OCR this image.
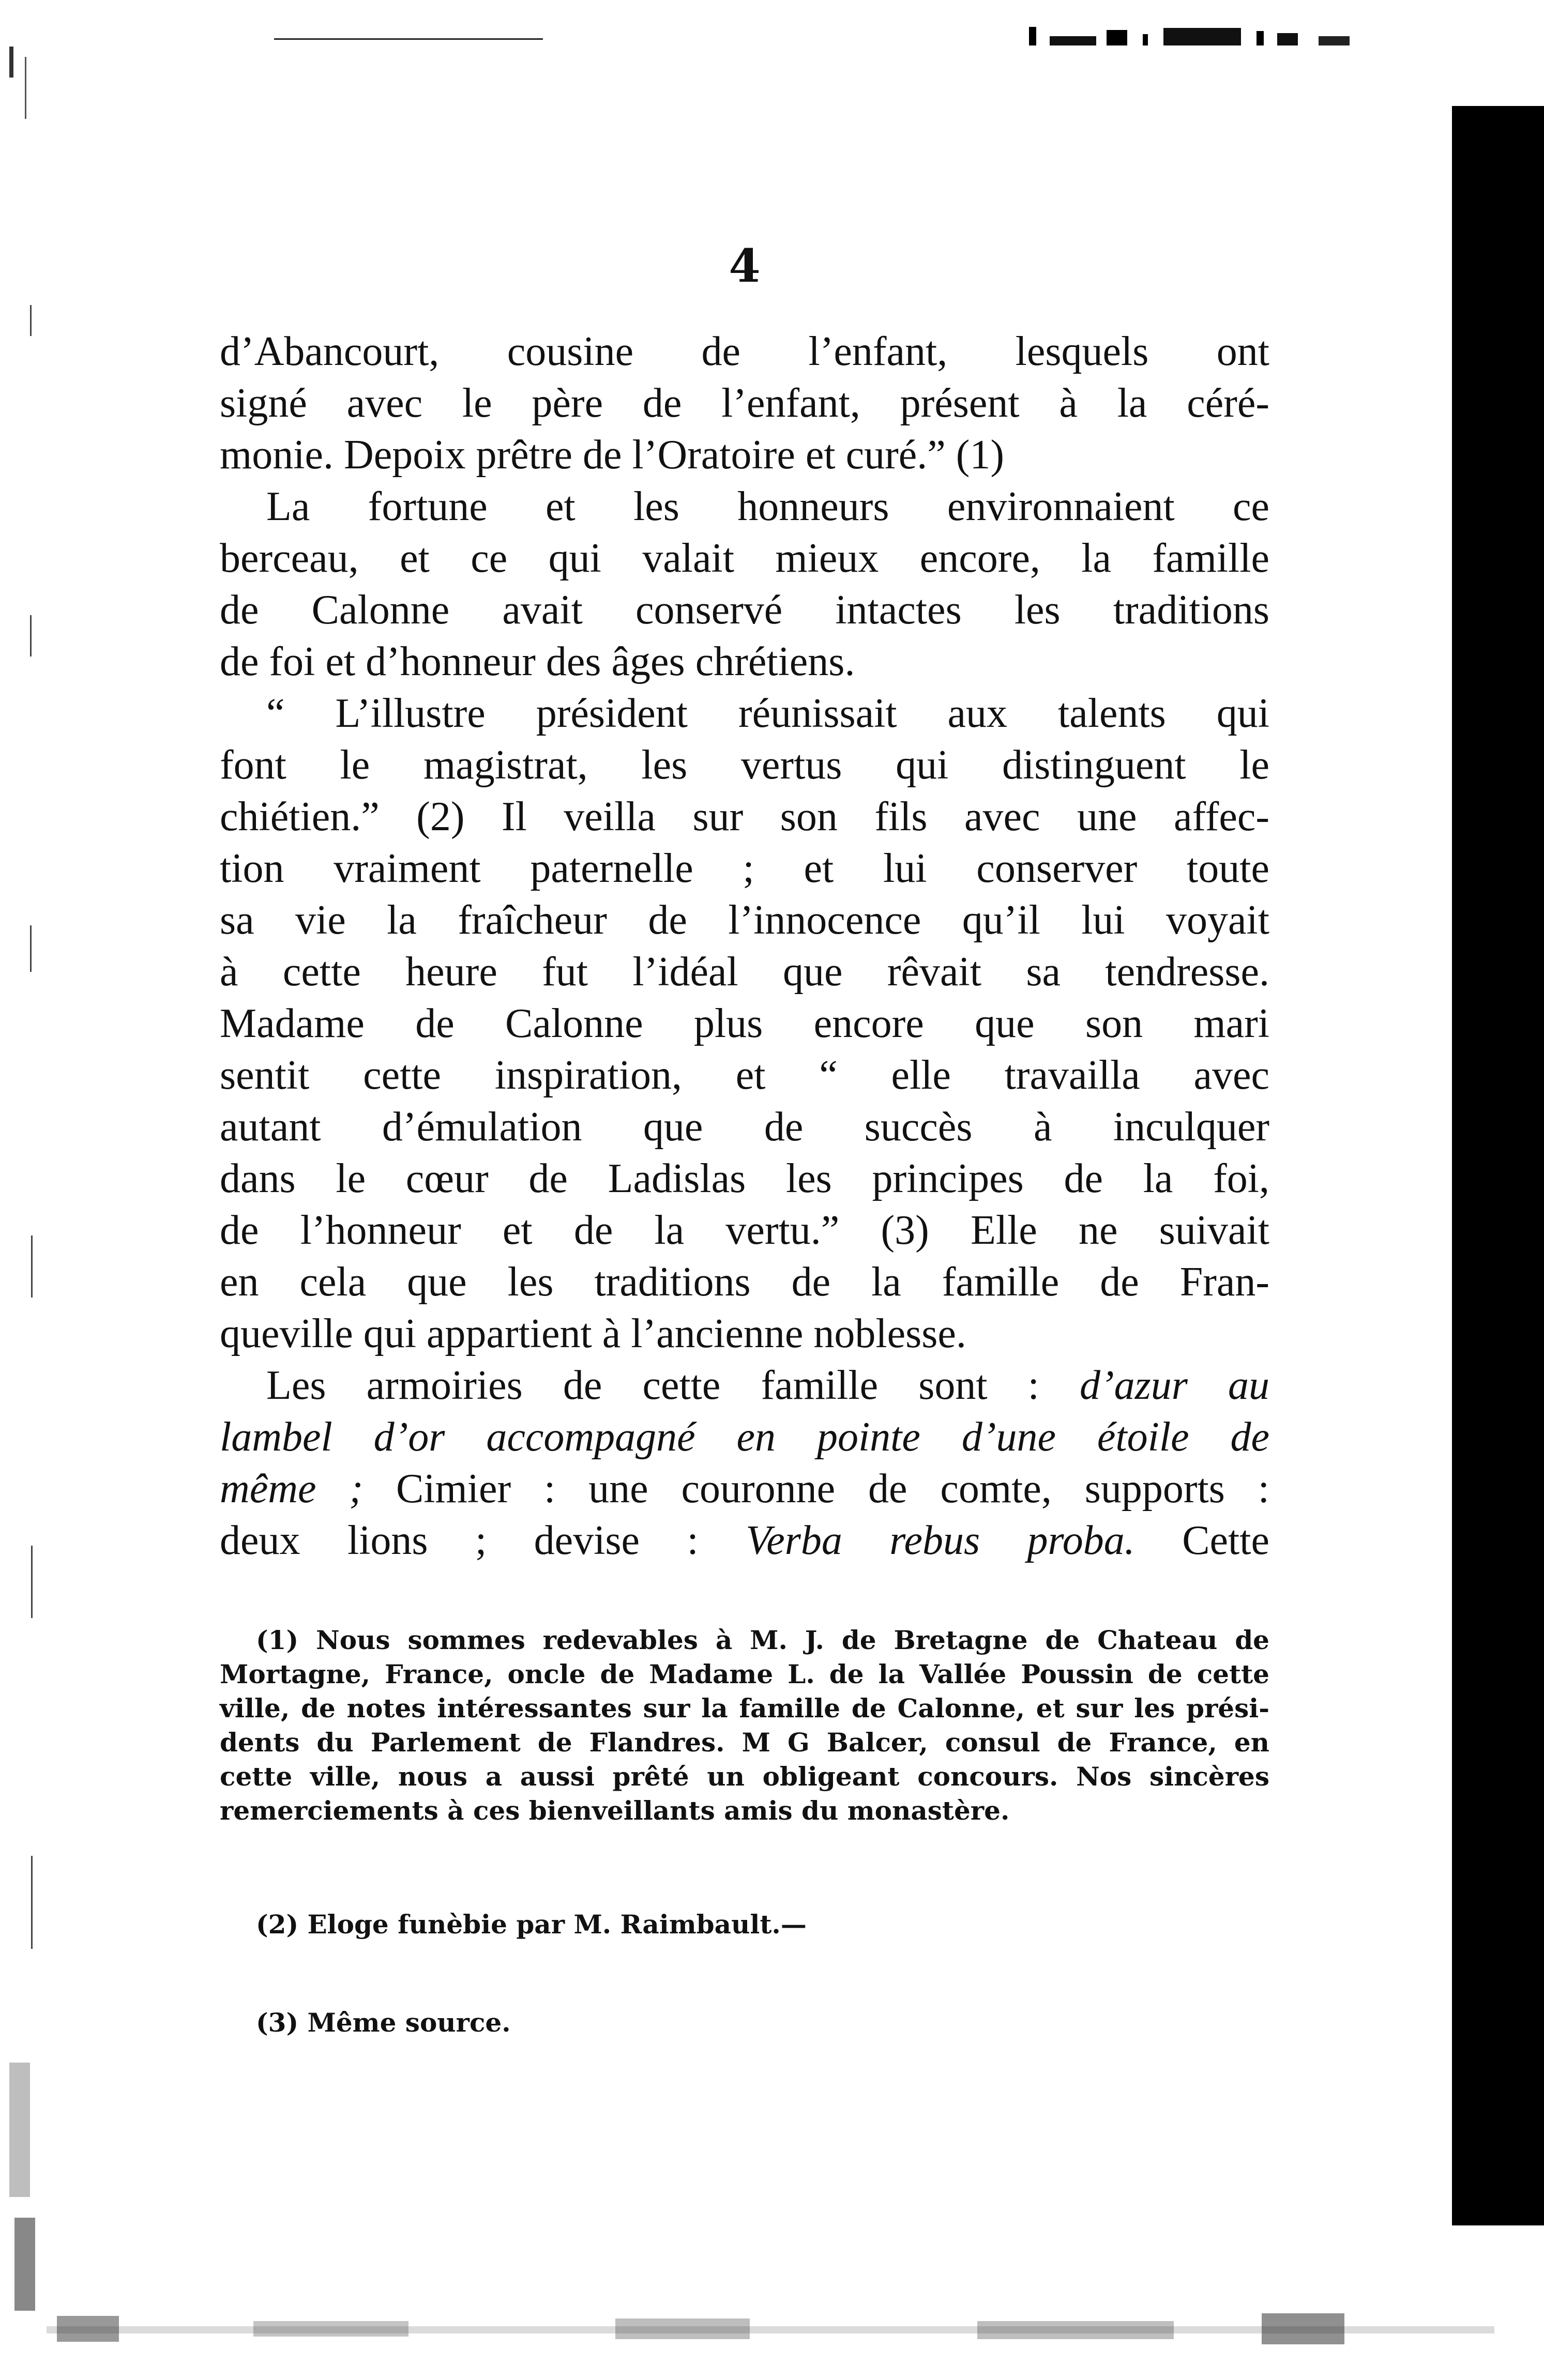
4
d’Abancourt, cousine de l’enfant, lesquels ont
signé avec le père de l’enfant, présent à la céré-
monie. Depoix prêtre de l’Oratoire et curé.” (1)
La fortune et les honneurs environnaient ce
berceau, et ce qui valait mieux encore, la famille
de Calonne avait conservé intactes les traditions
de foi et d’honneur des âges chrétiens.
“ L’illustre président réunissait aux talents qui
font le magistrat, les vertus qui distinguent le
chiétien.” (2) Il veilla sur son fils avec une affec-
tion vraiment paternelle ; et lui conserver toute
sa vie la fraîcheur de l’innocence qu’il lui voyait
à cette heure fut l’idéal que rêvait sa tendresse.
Madame de Calonne plus encore que son mari
sentit cette inspiration, et “ elle travailla avec
autant d’émulation que de succès à inculquer
dans le cœur de Ladislas les principes de la foi,
de l’honneur et de la vertu.” (3) Elle ne suivait
en cela que les traditions de la famille de Fran-
queville qui appartient à l’ancienne noblesse.
Les armoiries de cette famille sont : d’azur au
lambel d’or accompagné en pointe d’une étoile de
même ; Cimier : une couronne de comte, supports :
deux lions ; devise : Verba rebus proba. Cette
(1) Nous sommes redevables à M. J. de Bretagne de Chateau de
Mortagne, France, oncle de Madame L. de la Vallée Poussin de cette
ville, de notes intéressantes sur la famille de Calonne, et sur les prési-
dents du Parlement de Flandres. M G Balcer, consul de France, en
cette ville, nous a aussi prêté un obligeant concours. Nos sincères
remerciements à ces bienveillants amis du monastère.
(2) Eloge funèbie par M. Raimbault.—
(3) Même source.
